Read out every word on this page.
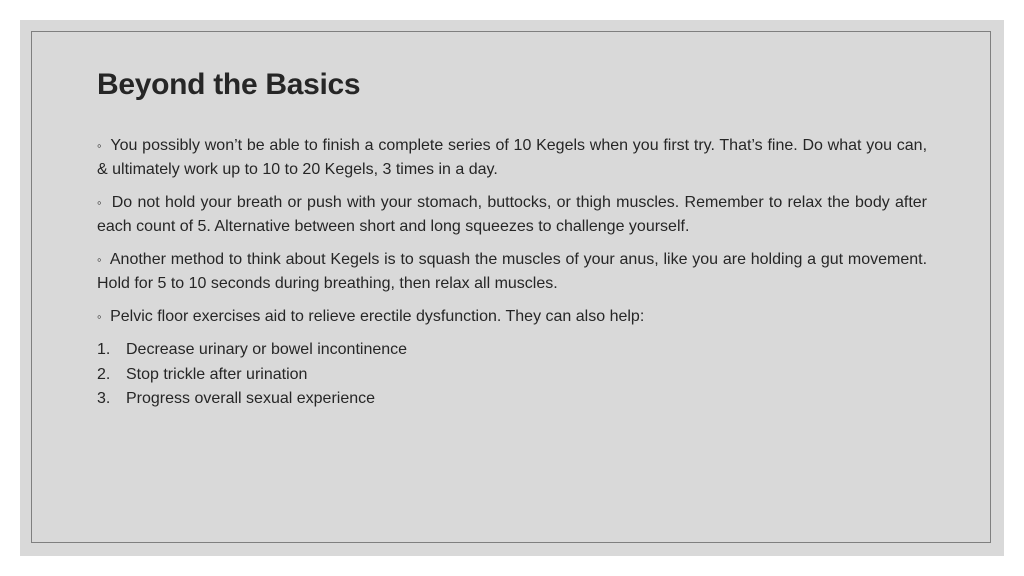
Beyond the Basics

◦ You possibly won’t be able to finish a complete series of 10 Kegels when you first try. That’s fine. Do what you can, & ultimately work up to 10 to 20 Kegels, 3 times in a day.

◦ Do not hold your breath or push with your stomach, buttocks, or thigh muscles. Remember to relax the body after each count of 5. Alternative between short and long squeezes to challenge yourself.

◦ Another method to think about Kegels is to squash the muscles of your anus, like you are holding a gut movement. Hold for 5 to 10 seconds during breathing, then relax all muscles.

◦ Pelvic floor exercises aid to relieve erectile dysfunction. They can also help:

1. Decrease urinary or bowel incontinence
2. Stop trickle after urination
3. Progress overall sexual experience
